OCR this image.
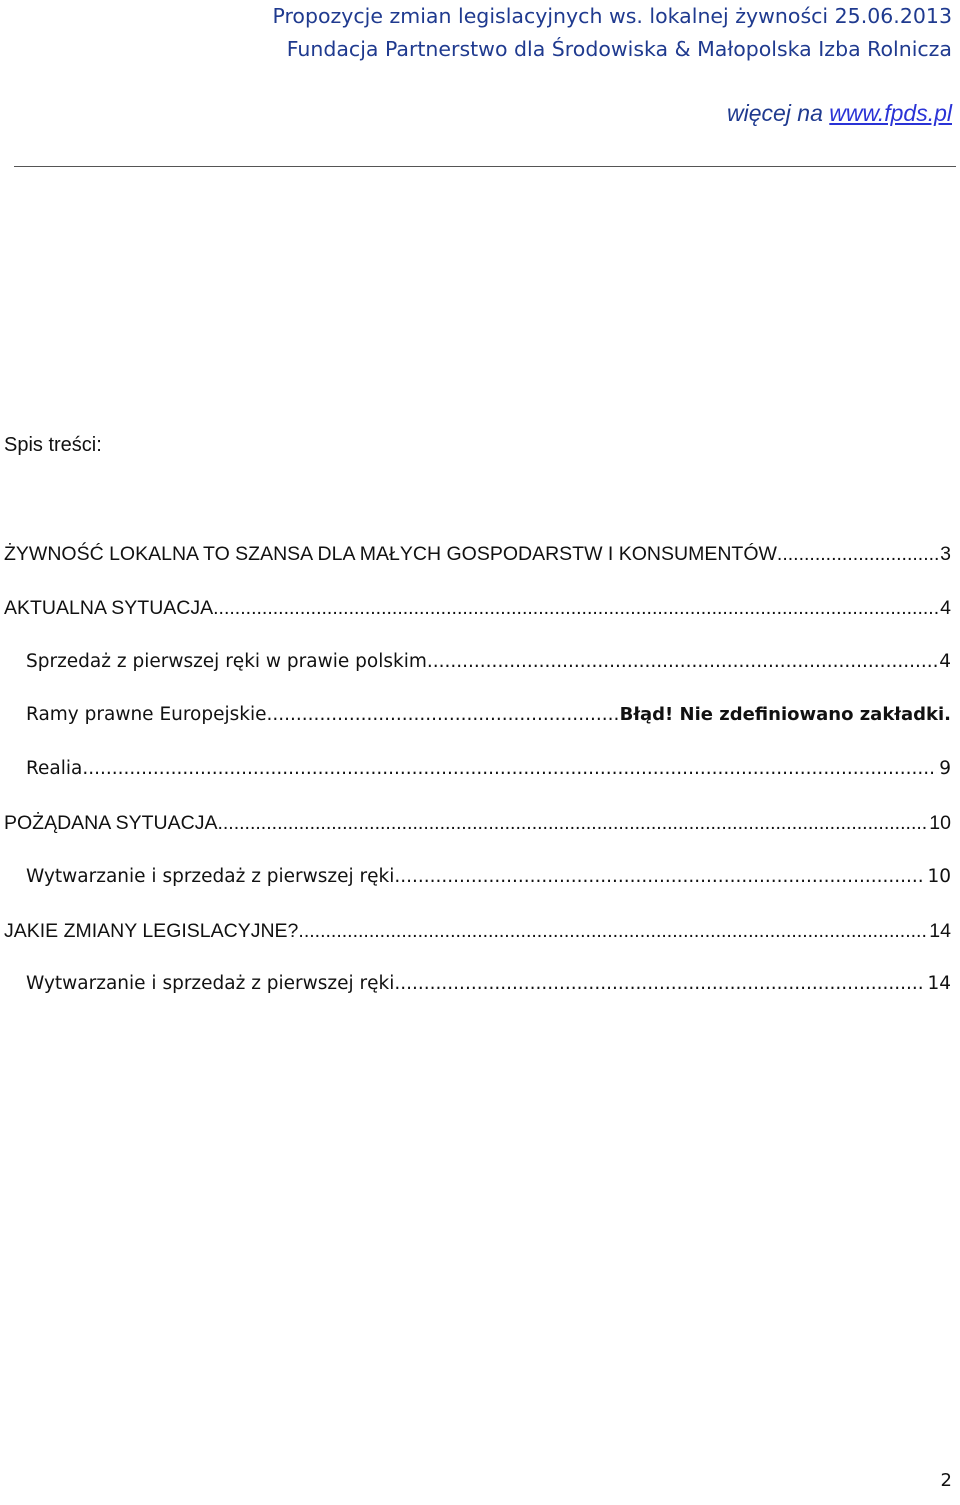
Propozycje zmian legislacyjnych ws. lokalnej żywności 25.06.2013
Fundacja Partnerstwo dla Środowiska & Małopolska Izba Rolnicza
więcej na www.fpds.pl
Spis treści:
ŻYWNOŚĆ LOKALNA TO SZANSA DLA MAŁYCH GOSPODARSTW I KONSUMENTÓW .....	3
AKTUALNA SYTUACJA .....	4
Sprzedaż z pierwszej ręki w prawie polskim .....	4
Ramy prawne Europejskie .....	Błąd! Nie zdefiniowano zakładki.
Realia .....	9
POŻĄDANA SYTUACJA .....	10
Wytwarzanie i sprzedaż z pierwszej ręki .....	10
JAKIE ZMIANY LEGISLACYJNE? .....	14
Wytwarzanie i sprzedaż z pierwszej ręki .....	14
2
